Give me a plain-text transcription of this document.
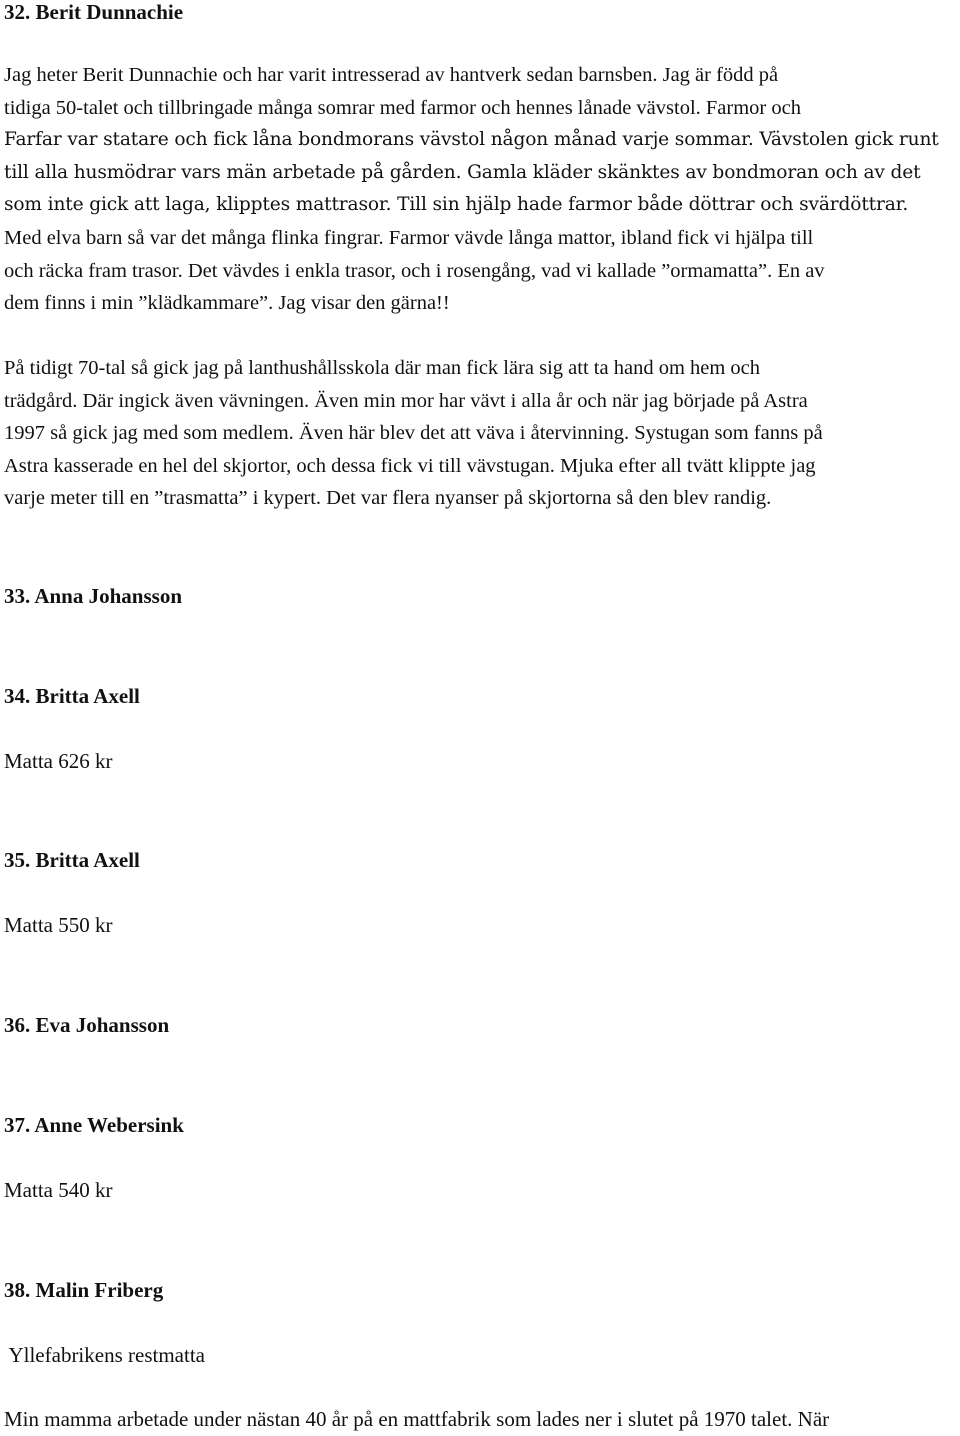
32. Berit Dunnachie
Jag heter Berit Dunnachie och har varit intresserad av hantverk sedan barnsben. Jag är född på
tidiga 50-talet och tillbringade många somrar med farmor och hennes lånade vävstol. Farmor och
Farfar var statare och fick låna bondmorans vävstol någon månad varje sommar. Vävstolen gick runt
till alla husmödrar vars män arbetade på gården. Gamla kläder skänktes av bondmoran och av det
som inte gick att laga, klipptes mattrasor. Till sin hjälp hade farmor både döttrar och svärdöttrar.
Med elva barn så var det många flinka fingrar. Farmor vävde långa mattor, ibland fick vi hjälpa till
och räcka fram trasor. Det vävdes i enkla trasor, och i rosengång, vad vi kallade ”ormamatta”. En av
dem finns i min ”klädkammare”. Jag visar den gärna!!
På tidigt 70-tal så gick jag på lanthushållsskola där man fick lära sig att ta hand om hem och
trädgård. Där ingick även vävningen. Även min mor har vävt i alla år och när jag började på Astra
1997 så gick jag med som medlem. Även här blev det att väva i återvinning. Systugan som fanns på
Astra kasserade en hel del skjortor, och dessa fick vi till vävstugan. Mjuka efter all tvätt klippte jag
varje meter till en ”trasmatta” i kypert. Det var flera nyanser på skjortorna så den blev randig.
33. Anna Johansson
34. Britta Axell
Matta 626 kr
35. Britta Axell
Matta 550 kr
36. Eva Johansson
37. Anne Webersink
Matta 540 kr
38. Malin Friberg
Yllefabrikens restmatta
Min mamma arbetade under nästan 40 år på en mattfabrik som lades ner i slutet på 1970 talet. När
